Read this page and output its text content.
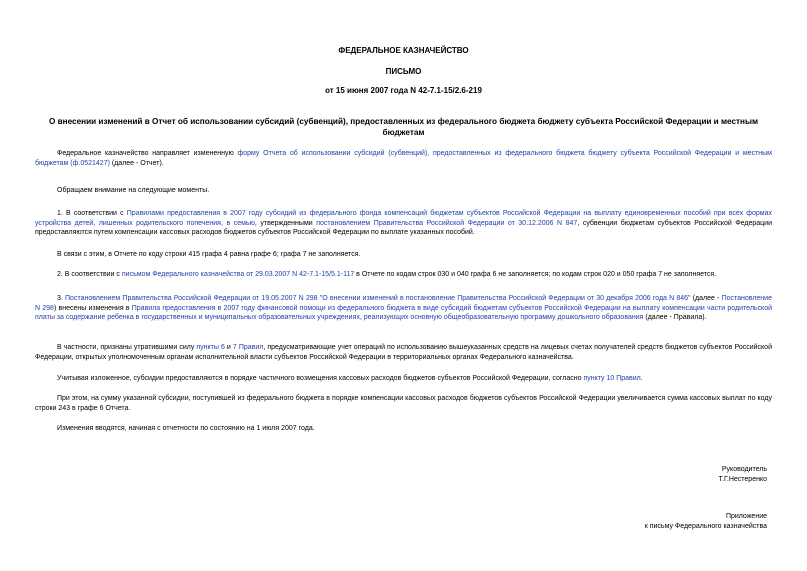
ФЕДЕРАЛЬНОЕ КАЗНАЧЕЙСТВО
ПИСЬМО
от 15 июня 2007 года N 42-7.1-15/2.6-219
О внесении изменений в Отчет об использовании субсидий (субвенций), предоставленных из федерального бюджета бюджету субъекта Российской Федерации и местным бюджетам

Федеральное казначейство направляет измененную форму Отчета об использовании субсидий (субвенций), предоставленных из федерального бюджета бюджету субъекта Российской Федерации и местным бюджетам (ф.0521427) (далее - Отчет).

Обращаем внимание на следующие моменты.

1. В соответствии с Правилами предоставления в 2007 году субсидий из федерального фонда компенсаций бюджетам субъектов Российской Федерации на выплату единовременных пособий при всех формах устройства детей, лишенных родительского попечения, в семью, утвержденными постановлением Правительства Российской Федерации от 30.12.2006 N 847, субвенции бюджетам субъектов Российской Федерации предоставляются путем компенсации кассовых расходов бюджетов субъектов Российской Федерации по выплате указанных пособий.

В связи с этим, в Отчете по коду строки 415 графа 4 равна графе 6; графа 7 не заполняется.

2. В соответствии с письмом Федерального казначейства от 29.03.2007 N 42-7.1-15/5.1-117 в Отчете по кодам строк 030 и 040 графа 6 не заполняется; по кодам строк 020 и 050 графа 7 не заполняется.

3. Постановлением Правительства Российской Федерации от 19.05.2007 N 298 "О внесении изменений в постановление Правительства Российской Федерации от 30 декабря 2006 года N 846" (далее - Постановление N 298) внесены изменения в Правила предоставления в 2007 году финансовой помощи из федерального бюджета в виде субсидий бюджетам субъектов Российской Федерации на выплату компенсации части родительской платы за содержание ребенка в государственных и муниципальных образовательных учреждениях, реализующих основную общеобразовательную программу дошкольного образования (далее - Правила).

В частности, признаны утратившими силу пункты 6 и 7 Правил, предусматривающие учет операций по использованию вышеуказанных средств на лицевых счетах получателей средств бюджетов субъектов Российской Федерации, открытых уполномоченным органам исполнительной власти субъектов Российской Федерации в территориальных органах Федерального казначейства.

Учитывая изложенное, субсидии предоставляются в порядке частичного возмещения кассовых расходов бюджетов субъектов Российской Федерации, согласно пункту 10 Правил.

При этом, на сумму указанной субсидии, поступившей из федерального бюджета в порядке компенсации кассовых расходов бюджетов субъектов Российской Федерации увеличивается сумма кассовых выплат по коду строки 243 в графе 6 Отчета.

Изменения вводятся, начиная с отчетности по состоянию на 1 июля 2007 года.

Руководитель
Т.Г.Нестеренко
Приложение
к письму Федерального казначейства
